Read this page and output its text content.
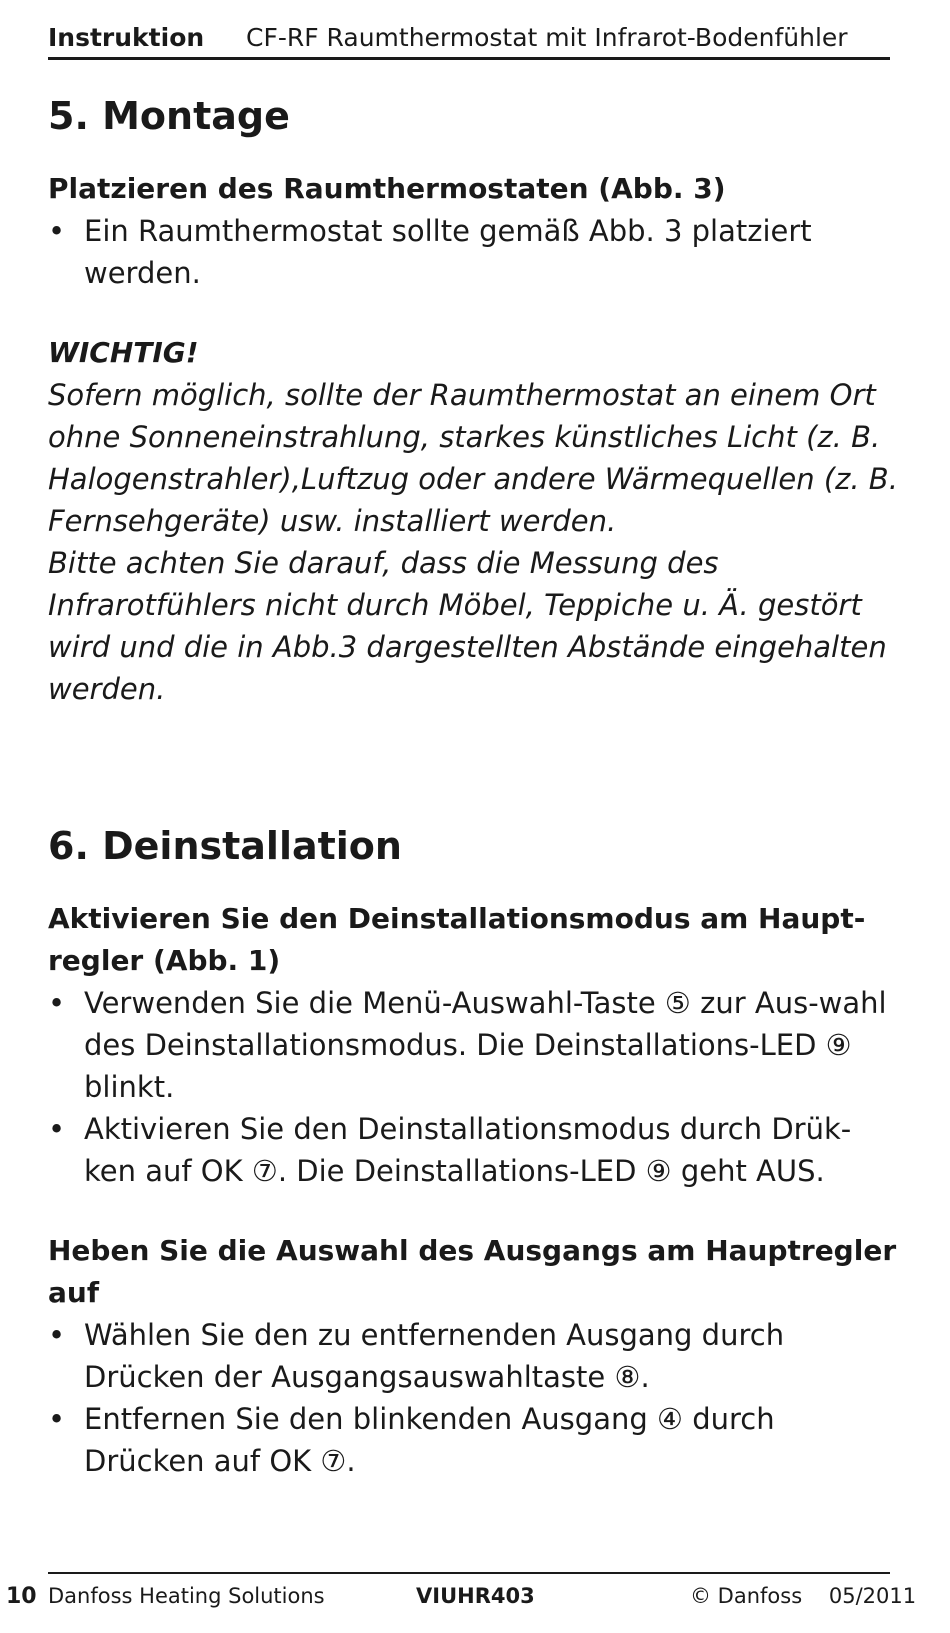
Instruktion CF-RF Raumthermostat mit Infrarot-Bodenfühler
5. Montage
Platzieren des Raumthermostaten (Abb. 3)
• Ein Raumthermostat sollte gemäß Abb. 3 platziert werden.

WICHTIG!

Sofern möglich, sollte der Raumthermostat an einem Ort ohne Sonneneinstrahlung, starkes künstliches Licht (z. B. Halogenstrahler),Luftzug oder andere Wärmequellen (z. B. Fernsehgeräte) usw. installiert werden.

Bitte achten Sie darauf, dass die Messung des Infrarotfühlers nicht durch Möbel, Teppiche u. Ä. gestört wird und die in Abb.3 dargestellten Abstände eingehalten werden.

6. Deinstallation
Aktivieren Sie den Deinstallationsmodus am Haupt-regler (Abb. 1)
• Verwenden Sie die Menü-Auswahl-Taste ⑤ zur Aus-wahl des Deinstallationsmodus. Die Deinstallations-LED ⑨ blinkt.
• Aktivieren Sie den Deinstallationsmodus durch Drük-ken auf OK ⑦. Die Deinstallations-LED ⑨ geht AUS.
Heben Sie die Auswahl des Ausgangs am Hauptregler auf
• Wählen Sie den zu entfernenden Ausgang durch Drücken der Ausgangsauswahltaste ⑧.
• Entfernen Sie den blinkenden Ausgang ④ durch Drücken auf OK ⑦.
10 Danfoss Heating Solutions	VIUHR403	© Danfoss    05/2011
